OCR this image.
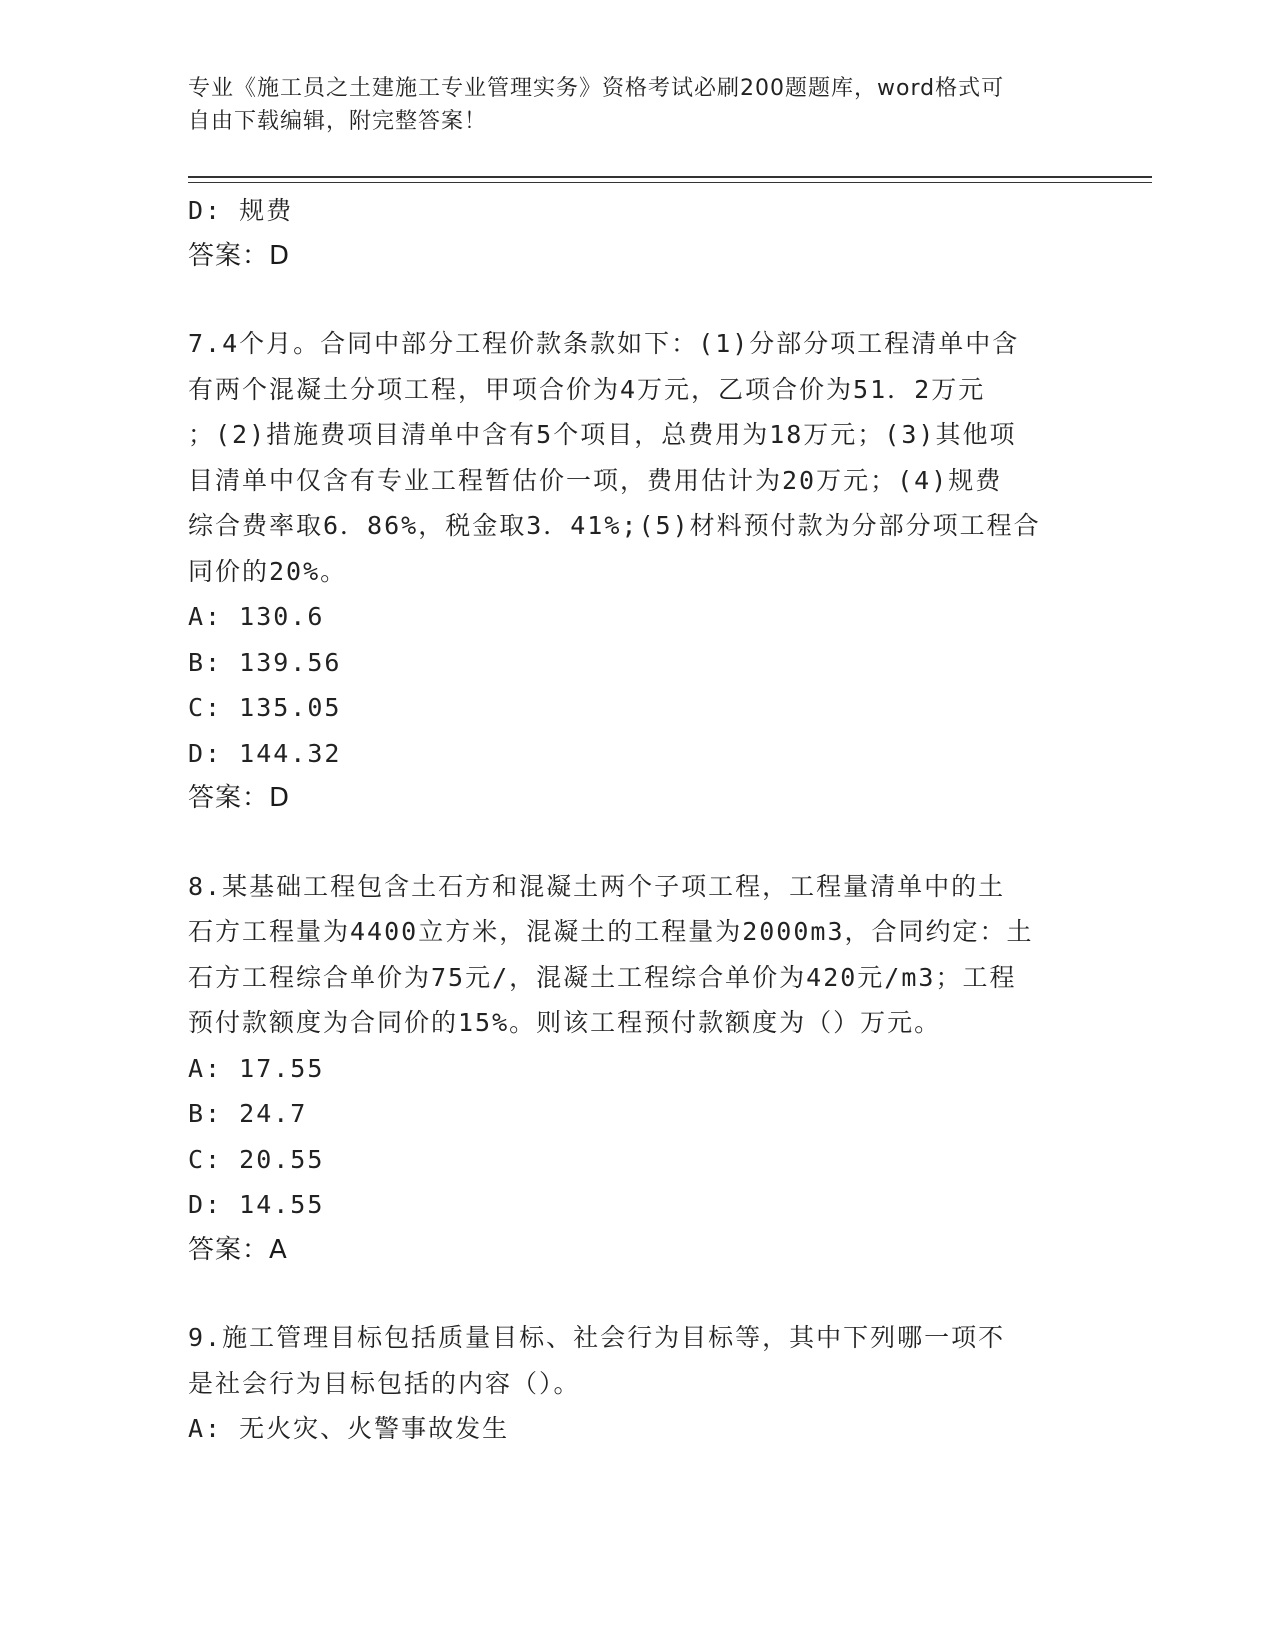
专业《施工员之土建施工专业管理实务》资格考试必刷200题题库，word格式可
自由下载编辑，附完整答案！
D: 规费
答案：D
7.4个月。合同中部分工程价款条款如下：(1)分部分项工程清单中含
有两个混凝土分项工程，甲项合价为4万元，乙项合价为51．2万元
；(2)措施费项目清单中含有5个项目，总费用为18万元；(3)其他项
目清单中仅含有专业工程暂估价一项，费用估计为20万元；(4)规费
综合费率取6．86%，税金取3．41%;(5)材料预付款为分部分项工程合
同价的20%。
A: 130.6
B: 139.56
C: 135.05
D: 144.32
答案：D
8.某基础工程包含土石方和混凝土两个子项工程，工程量清单中的土
石方工程量为4400立方米，混凝土的工程量为2000m3，合同约定：土
石方工程综合单价为75元/，混凝土工程综合单价为420元/m3；工程
预付款额度为合同价的15%。则该工程预付款额度为（）万元。
A: 17.55
B: 24.7
C: 20.55
D: 14.55
答案：A
9.施工管理目标包括质量目标、社会行为目标等，其中下列哪一项不
是社会行为目标包括的内容（）。
A: 无火灾、火警事故发生
